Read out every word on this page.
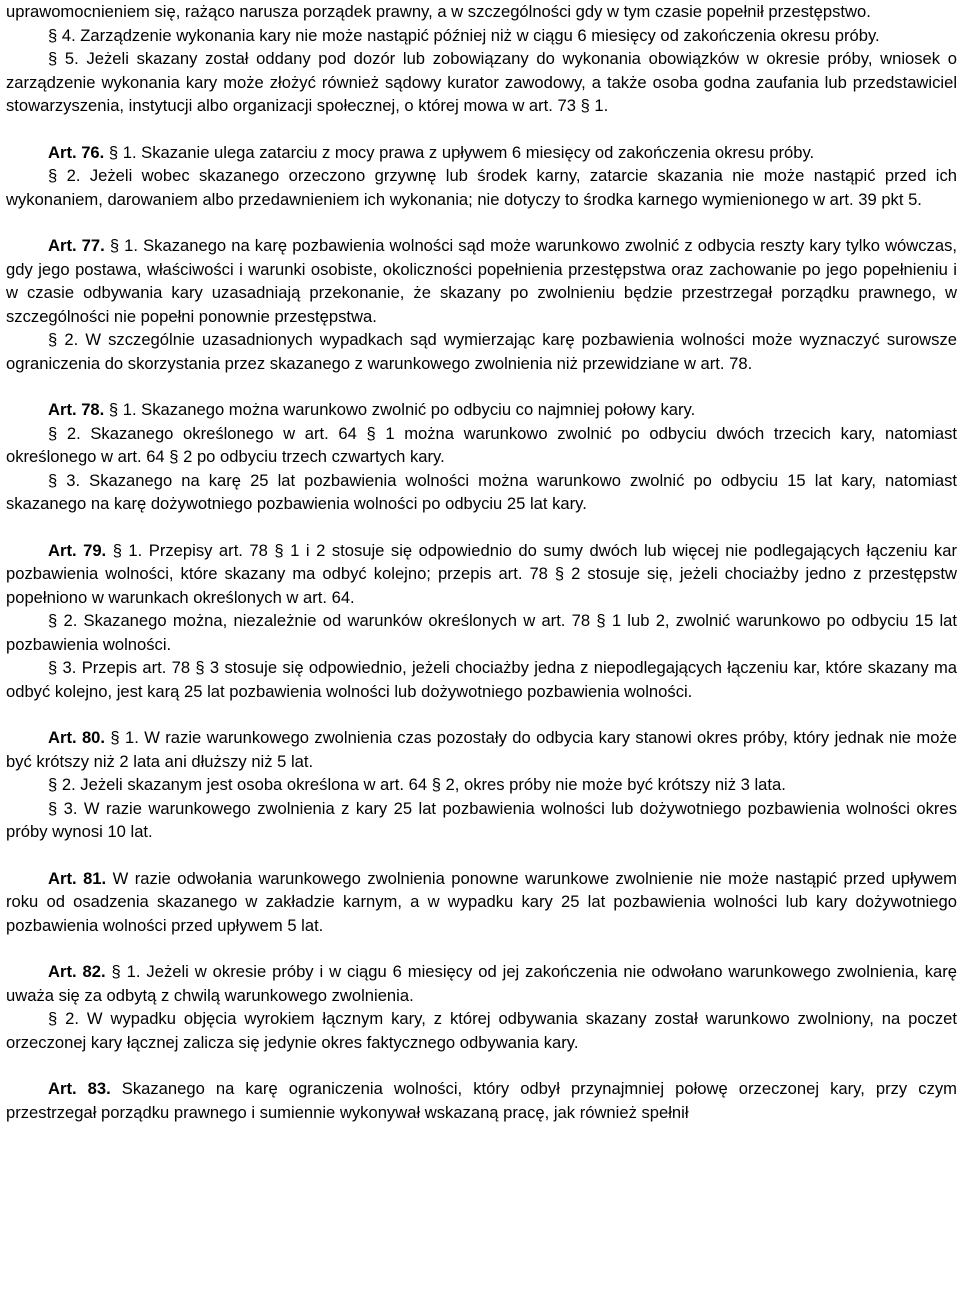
uprawomocnieniem się, rażąco narusza porządek prawny, a w szczególności gdy w tym czasie popełnił przestępstwo.
§ 4. Zarządzenie wykonania kary nie może nastąpić później niż w ciągu 6 miesięcy od zakończenia okresu próby.
§ 5. Jeżeli skazany został oddany pod dozór lub zobowiązany do wykonania obowiązków w okresie próby, wniosek o zarządzenie wykonania kary może złożyć również sądowy kurator zawodowy, a także osoba godna zaufania lub przedstawiciel stowarzyszenia, instytucji albo organizacji społecznej, o której mowa w art. 73 § 1.
Art. 76. § 1. Skazanie ulega zatarciu z mocy prawa z upływem 6 miesięcy od zakończenia okresu próby.
§ 2. Jeżeli wobec skazanego orzeczono grzywnę lub środek karny, zatarcie skazania nie może nastąpić przed ich wykonaniem, darowaniem albo przedawnieniem ich wykonania; nie dotyczy to środka karnego wymienionego w art. 39 pkt 5.
Art. 77. § 1. Skazanego na karę pozbawienia wolności sąd może warunkowo zwolnić z odbycia reszty kary tylko wówczas, gdy jego postawa, właściwości i warunki osobiste, okoliczności popełnienia przestępstwa oraz zachowanie po jego popełnieniu i w czasie odbywania kary uzasadniają przekonanie, że skazany po zwolnieniu będzie przestrzegał porządku prawnego, w szczególności nie popełni ponownie przestępstwa.
§ 2. W szczególnie uzasadnionych wypadkach sąd wymierzając karę pozbawienia wolności może wyznaczyć surowsze ograniczenia do skorzystania przez skazanego z warunkowego zwolnienia niż przewidziane w art. 78.
Art. 78. § 1. Skazanego można warunkowo zwolnić po odbyciu co najmniej połowy kary.
§ 2. Skazanego określonego w art. 64 § 1 można warunkowo zwolnić po odbyciu dwóch trzecich kary, natomiast określonego w art. 64 § 2 po odbyciu trzech czwartych kary.
§ 3. Skazanego na karę 25 lat pozbawienia wolności można warunkowo zwolnić po odbyciu 15 lat kary, natomiast skazanego na karę dożywotniego pozbawienia wolności po odbyciu 25 lat kary.
Art. 79. § 1. Przepisy art. 78 § 1 i 2 stosuje się odpowiednio do sumy dwóch lub więcej nie podlegających łączeniu kar pozbawienia wolności, które skazany ma odbyć kolejno; przepis art. 78 § 2 stosuje się, jeżeli chociażby jedno z przestępstw popełniono w warunkach określonych w art. 64.
§ 2. Skazanego można, niezależnie od warunków określonych w art. 78 § 1 lub 2, zwolnić warunkowo po odbyciu 15 lat pozbawienia wolności.
§ 3. Przepis art. 78 § 3 stosuje się odpowiednio, jeżeli chociażby jedna z niepodlegających łączeniu kar, które skazany ma odbyć kolejno, jest karą 25 lat pozbawienia wolności lub dożywotniego pozbawienia wolności.
Art. 80. § 1. W razie warunkowego zwolnienia czas pozostały do odbycia kary stanowi okres próby, który jednak nie może być krótszy niż 2 lata ani dłuższy niż 5 lat.
§ 2. Jeżeli skazanym jest osoba określona w art. 64 § 2, okres próby nie może być krótszy niż 3 lata.
§ 3. W razie warunkowego zwolnienia z kary 25 lat pozbawienia wolności lub dożywotniego pozbawienia wolności okres próby wynosi 10 lat.
Art. 81. W razie odwołania warunkowego zwolnienia ponowne warunkowe zwolnienie nie może nastąpić przed upływem roku od osadzenia skazanego w zakładzie karnym, a w wypadku kary 25 lat pozbawienia wolności lub kary dożywotniego pozbawienia wolności przed upływem 5 lat.
Art. 82. § 1. Jeżeli w okresie próby i w ciągu 6 miesięcy od jej zakończenia nie odwołano warunkowego zwolnienia, karę uważa się za odbytą z chwilą warunkowego zwolnienia.
§ 2. W wypadku objęcia wyrokiem łącznym kary, z której odbywania skazany został warunkowo zwolniony, na poczet orzeczonej kary łącznej zalicza się jedynie okres faktycznego odbywania kary.
Art. 83. Skazanego na karę ograniczenia wolności, który odbył przynajmniej połowę orzeczonej kary, przy czym przestrzegał porządku prawnego i sumiennie wykonywał wskazaną pracę, jak również spełnił
